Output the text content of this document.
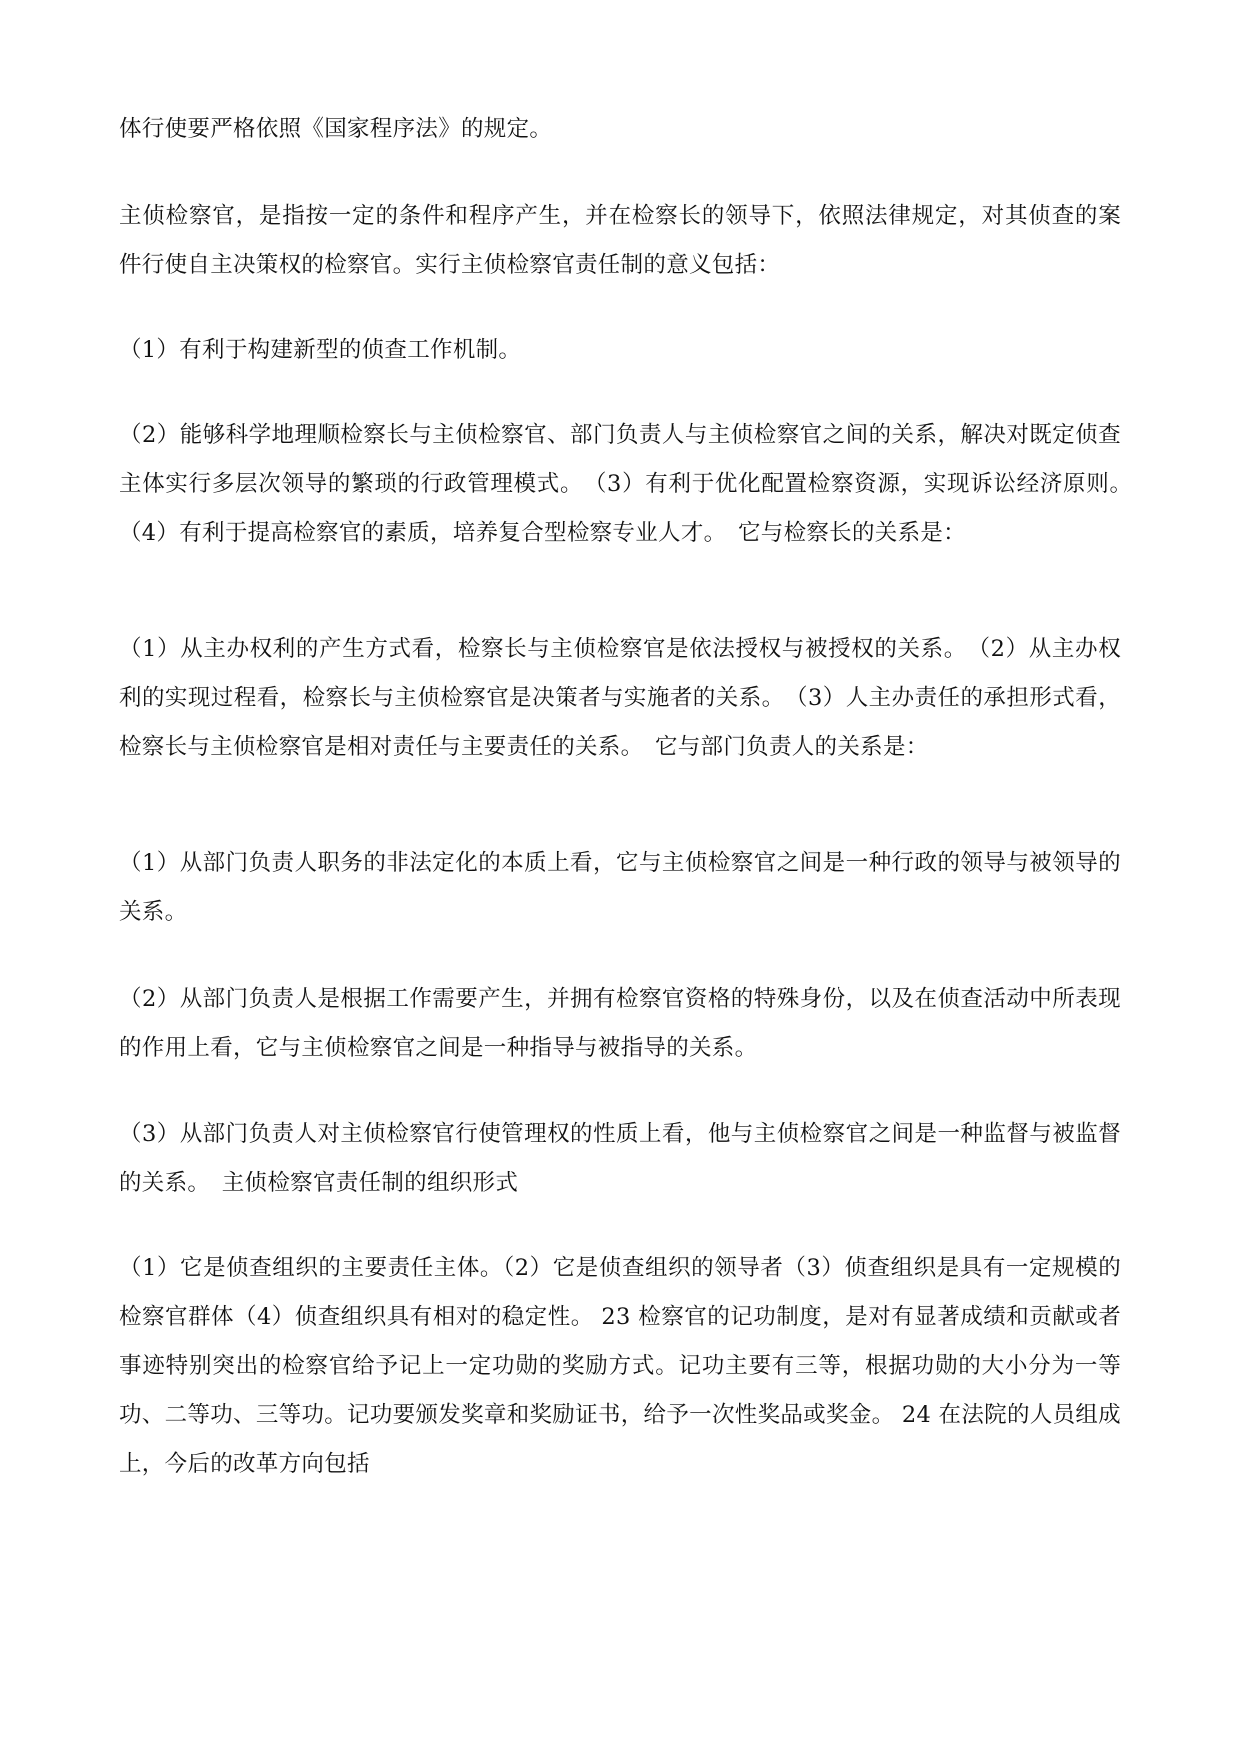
体行使要严格依照《国家程序法》的规定。

主侦检察官，是指按一定的条件和程序产生，并在检察长的领导下，依照法律规定，对其侦查的案件行使自主决策权的检察官。实行主侦检察官责任制的意义包括：

（1）有利于构建新型的侦查工作机制。

（2）能够科学地理顺检察长与主侦检察官、部门负责人与主侦检察官之间的关系，解决对既定侦查主体实行多层次领导的繁琐的行政管理模式。　（3）有利于优化配置检察资源，实现诉讼经济原则。　（4）有利于提高检察官的素质，培养复合型检察专业人才。　它与检察长的关系是：

（1）从主办权利的产生方式看，检察长与主侦检察官是依法授权与被授权的关系。　（2）从主办权利的实现过程看，检察长与主侦检察官是决策者与实施者的关系。　（3）人主办责任的承担形式看，检察长与主侦检察官是相对责任与主要责任的关系。　它与部门负责人的关系是：

（1）从部门负责人职务的非法定化的本质上看，它与主侦检察官之间是一种行政的领导与被领导的关系。

（2）从部门负责人是根据工作需要产生，并拥有检察官资格的特殊身份，以及在侦查活动中所表现的作用上看，它与主侦检察官之间是一种指导与被指导的关系。

（3）从部门负责人对主侦检察官行使管理权的性质上看，他与主侦检察官之间是一种监督与被监督的关系。　主侦检察官责任制的组织形式

（1）它是侦查组织的主要责任主体。（2）它是侦查组织的领导者（3）侦查组织是具有一定规模的检察官群体（4）侦查组织具有相对的稳定性。 23 检察官的记功制度，是对有显著成绩和贡献或者事迹特别突出的检察官给予记上一定功勋的奖励方式。记功主要有三等，根据功勋的大小分为一等功、二等功、三等功。记功要颁发奖章和奖励证书，给予一次性奖品或奖金。 24 在法院的人员组成上，今后的改革方向包括
